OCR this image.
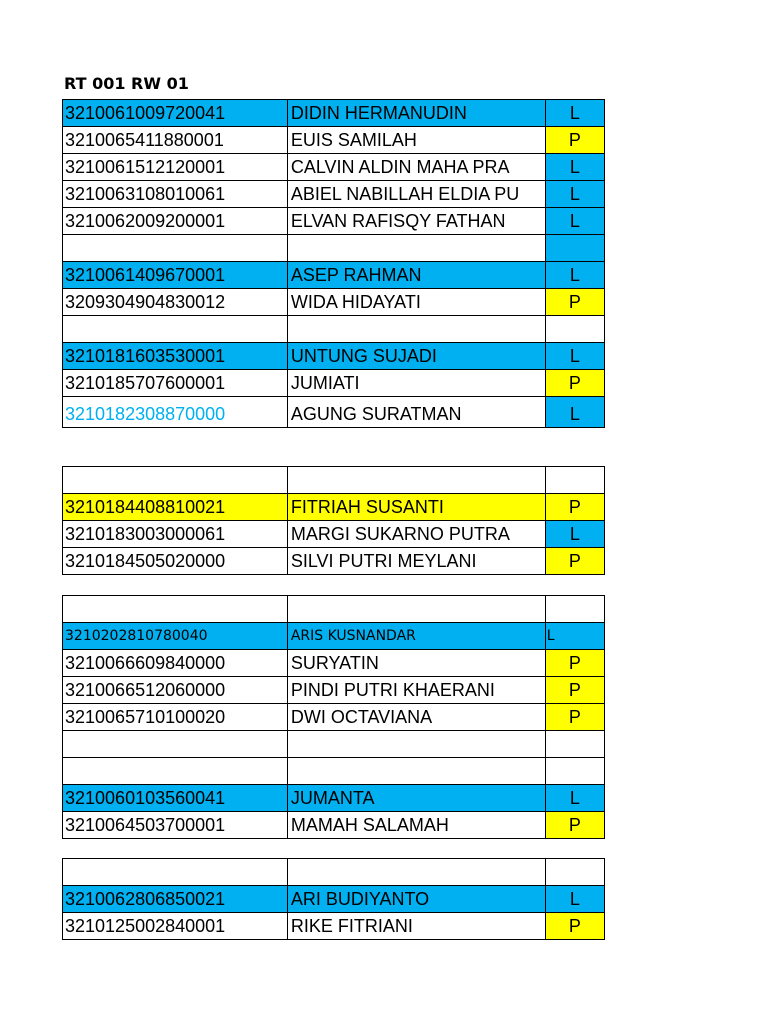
RT 001 RW 01
3210061009720041	DIDIN HERMANUDIN	L
3210065411880001	EUIS SAMILAH	P
3210061512120001	CALVIN ALDIN MAHA PRA	L
3210063108010061	ABIEL NABILLAH ELDIA PU	L
3210062009200001	ELVAN RAFISQY FATHAN	L

3210061409670001	ASEP RAHMAN	L
3209304904830012	WIDA HIDAYATI	P

3210181603530001	UNTUNG SUJADI	L
3210185707600001	JUMIATI	P
3210182308870000	AGUNG SURATMAN	L

3210184408810021	FITRIAH SUSANTI	P
3210183003000061	MARGI SUKARNO PUTRA	L
3210184505020000	SILVI PUTRI MEYLANI	P

3210202810780040	ARIS KUSNANDAR	L
3210066609840000	SURYATIN	P
3210066512060000	PINDI PUTRI KHAERANI	P
3210065710100020	DWI OCTAVIANA	P

3210060103560041	JUMANTA	L
3210064503700001	MAMAH SALAMAH	P

3210062806850021	ARI BUDIYANTO	L
3210125002840001	RIKE FITRIANI	P
